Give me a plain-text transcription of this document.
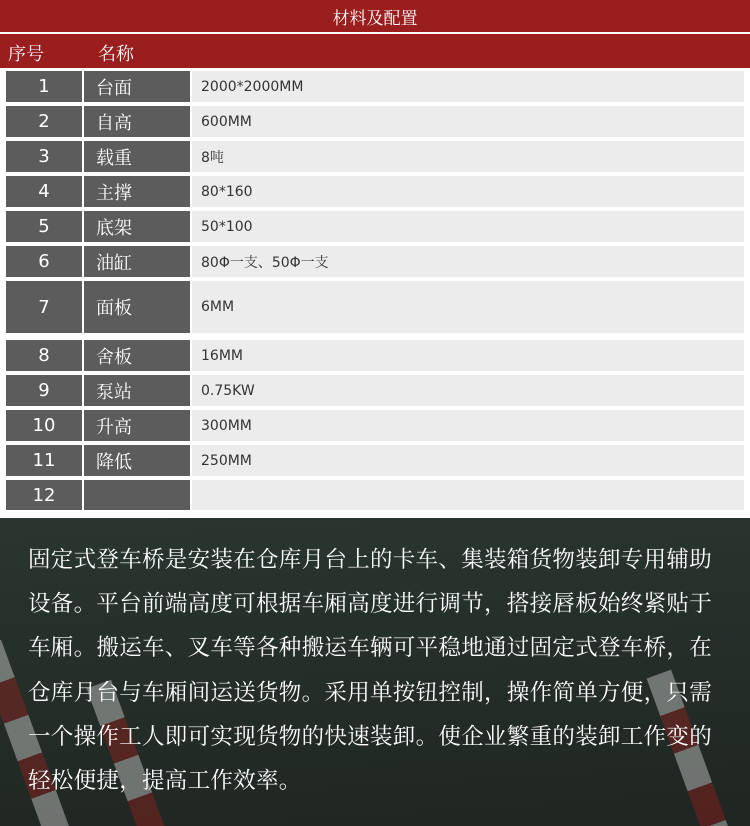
材料及配置
序号	名称
1	台面	2000*2000MM
2	自高	600MM
3	载重	8吨
4	主撑	80*160
5	底架	50*100
6	油缸	80Φ一支、50Φ一支
7	面板	6MM
8	舍板	16MM
9	泵站	0.75KW
10	升高	300MM
11	降低	250MM
12
固定式登车桥是安装在仓库月台上的卡车、集装箱货物装卸专用辅助设备。平台前端高度可根据车厢高度进行调节，搭接唇板始终紧贴于车厢。搬运车、叉车等各种搬运车辆可平稳地通过固定式登车桥，在仓库月台与车厢间运送货物。采用单按钮控制，操作简单方便，只需一个操作工人即可实现货物的快速装卸。使企业繁重的装卸工作变的轻松便捷，提高工作效率。
